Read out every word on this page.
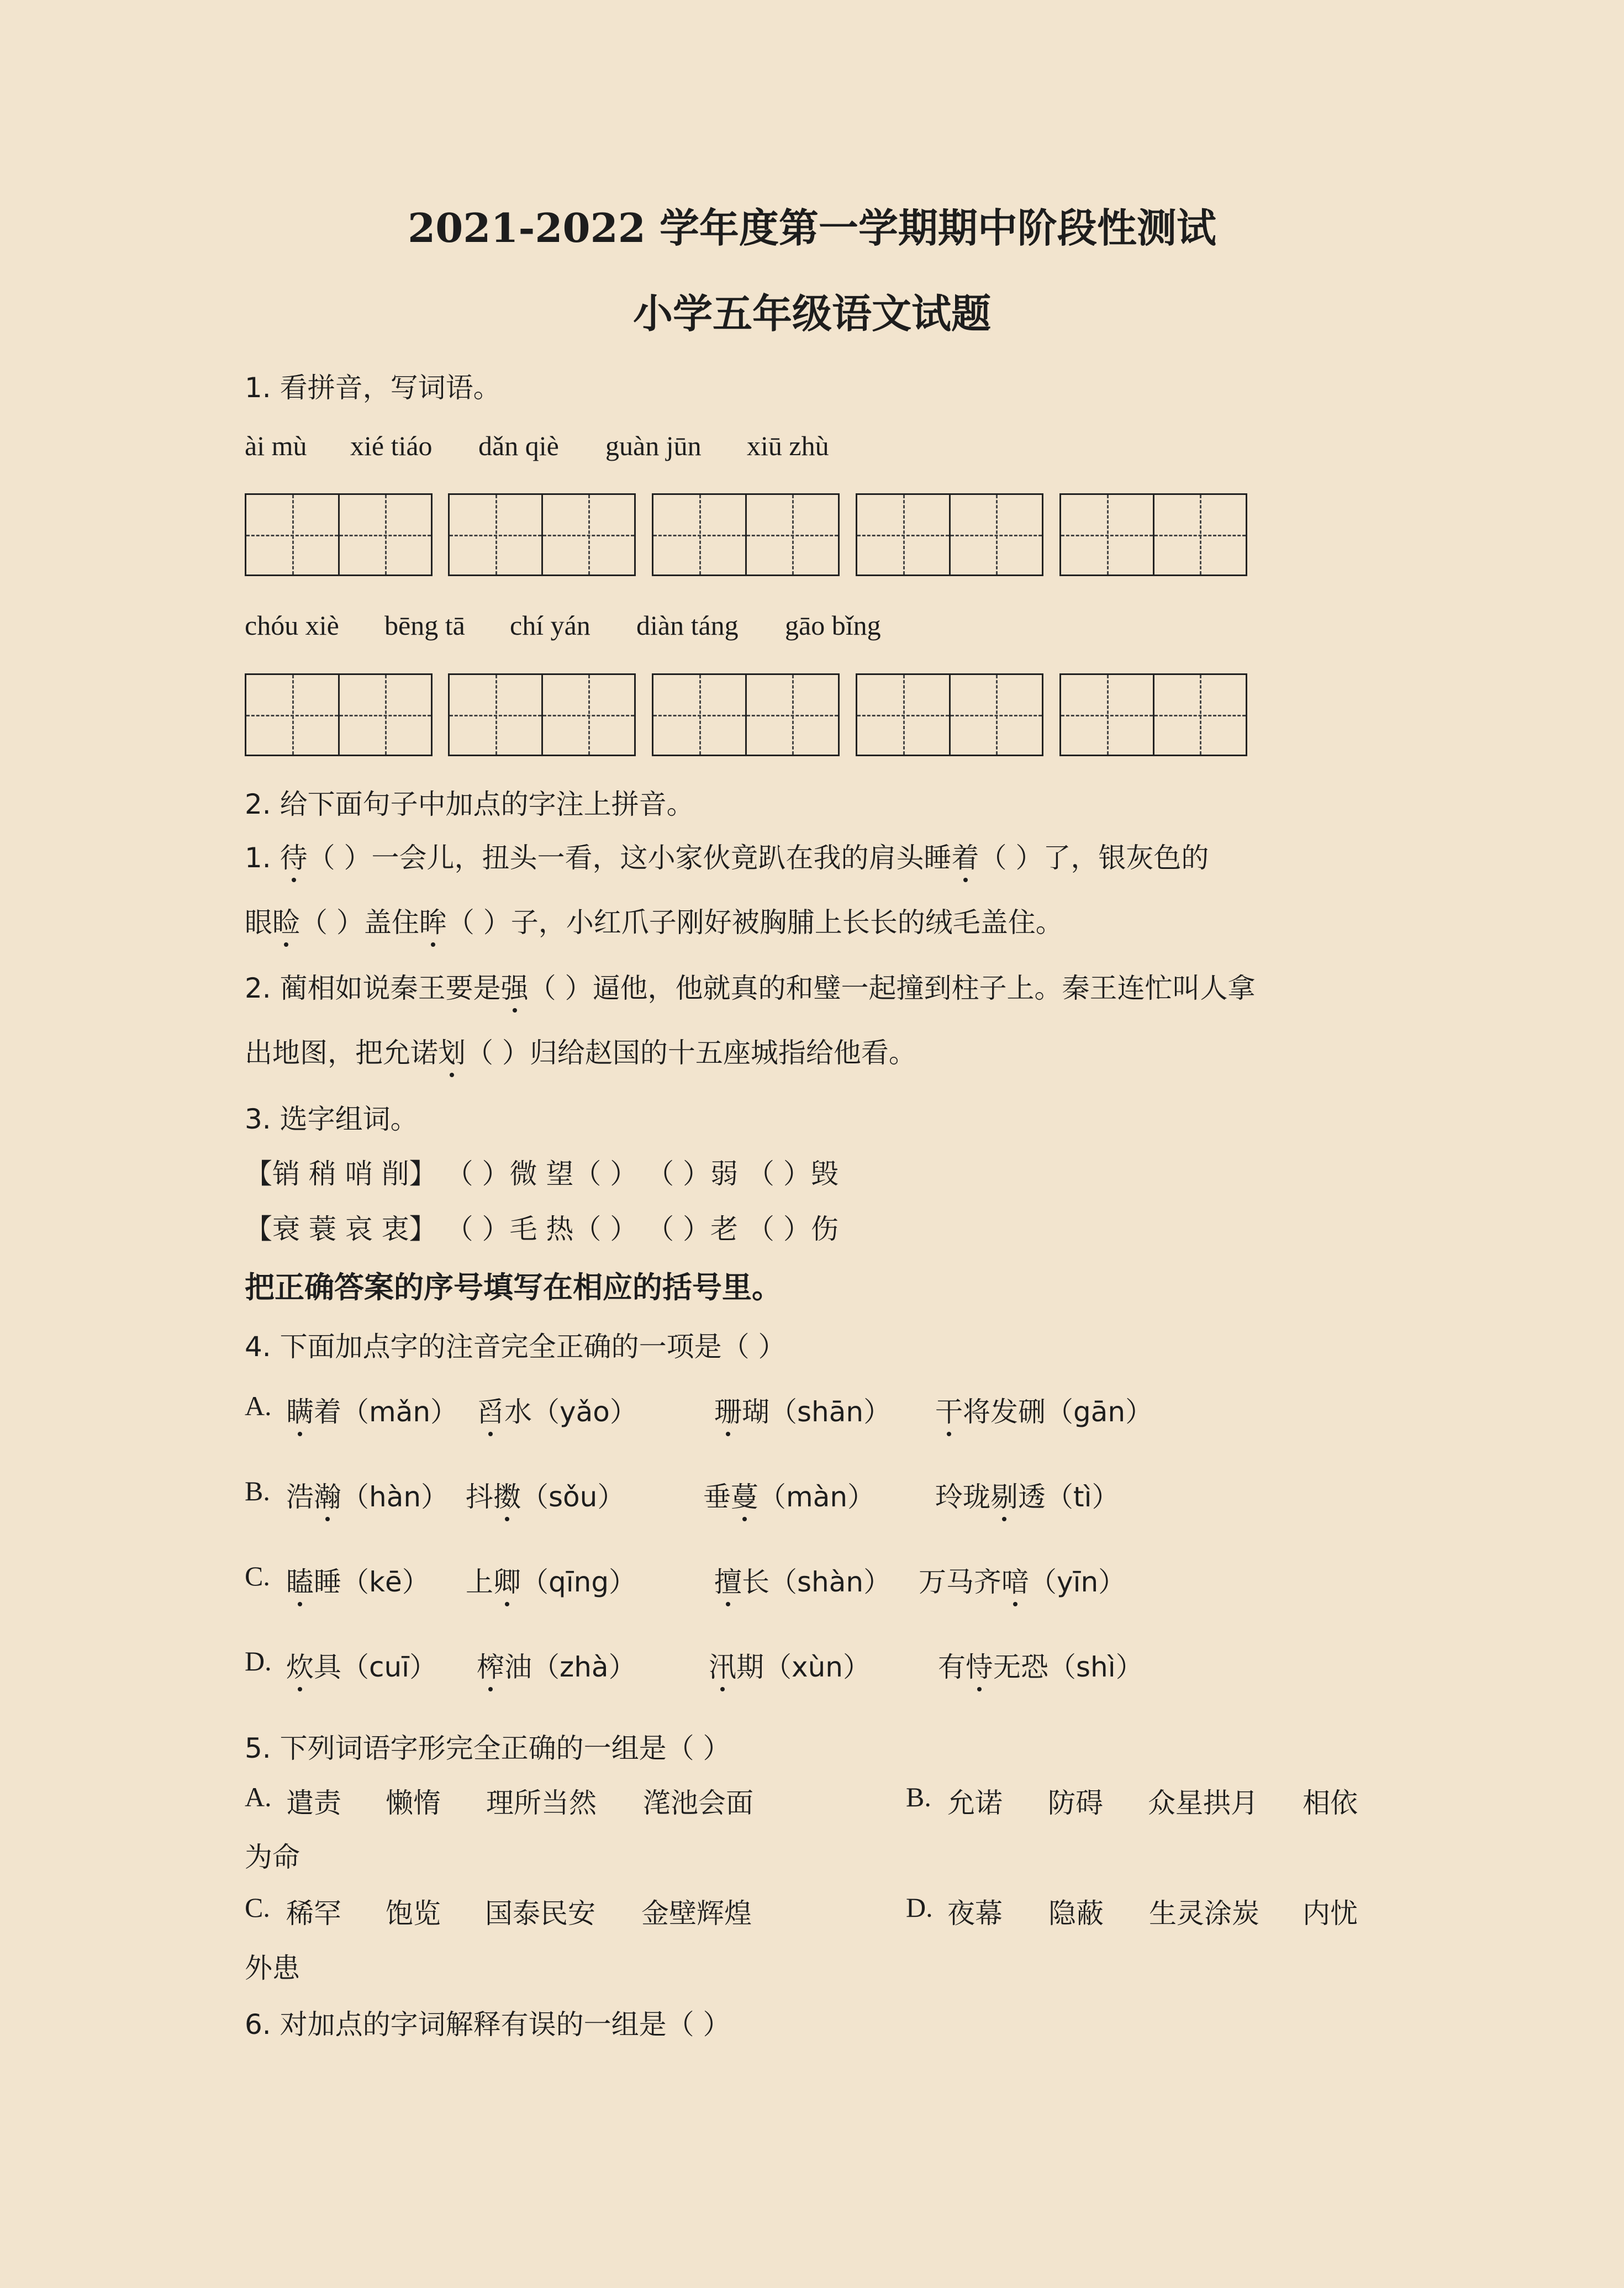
2021-2022 学年度第一学期期中阶段性测试
小学五年级语文试题
1. 看拼音，写词语。
ài mù xié tiáo dǎn qiè guàn jūn xiū zhù
chóu xiè bēng tā chí yán diàn táng gāo bǐng
2. 给下面句子中加点的字注上拼音。
1. 待（ ）一会儿，扭头一看，这小家伙竟趴在我的肩头睡着（ ）了，银灰色的
眼睑（ ）盖住眸（ ）子，小红爪子刚好被胸脯上长长的绒毛盖住。
2. 蔺相如说秦王要是强（ ）逼他，他就真的和璧一起撞到柱子上。秦王连忙叫人拿
出地图，把允诺划（ ）归给赵国的十五座城指给他看。
3. 选字组词。
【销 稍 哨 削】 （ ）微 望（ ） （ ）弱 （ ）毁
【衰 蓑 哀 衷】 （ ）毛 热（ ） （ ）老 （ ）伤
把正确答案的序号填写在相应的括号里。
4. 下面加点字的注音完全正确的一项是（ ）
A. 瞒着（mǎn） 舀水（yǎo）	珊瑚（shān） 干将发硎（gān）
B. 浩瀚（hàn） 抖擞（sǒu）	垂蔓（màn） 玲珑剔透（tì）
C. 瞌睡（kē） 上卿（qīng）	擅长（shàn） 万马齐喑（yīn）
D. 炊具（cuī） 榨油（zhà）	汛期（xùn） 有恃无恐（shì）
5. 下列词语字形完全正确的一组是（ ）
A. 遣责 懒惰 理所当然 滗池会面	B. 允诺 防碍 众星拱月 相依
为命
C. 稀罕 饱览 国泰民安 金壁辉煌	D. 夜幕 隐蔽 生灵涂炭 内忧
外患
6. 对加点的字词解释有误的一组是（ ）
